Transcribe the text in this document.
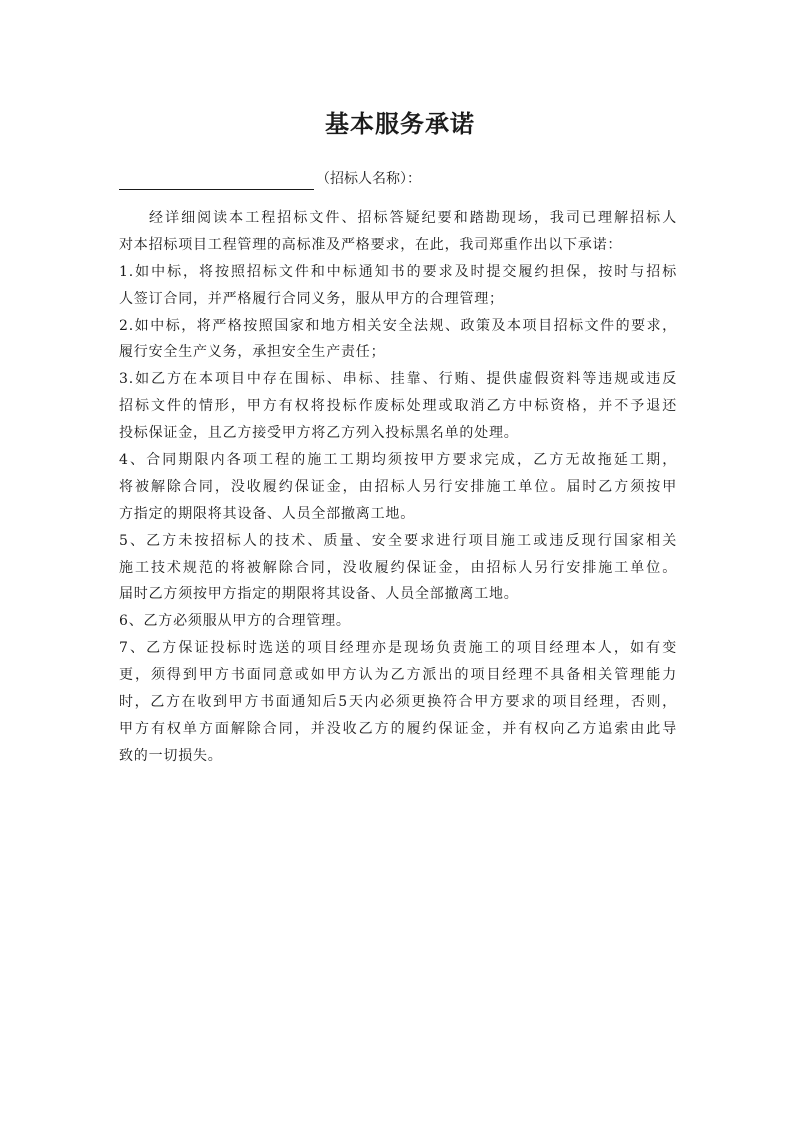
基本服务承诺
（招标人名称）：
经详细阅读本工程招标文件、招标答疑纪要和踏勘现场，我司已理解招标人
对本招标项目工程管理的高标准及严格要求，在此，我司郑重作出以下承诺：
1.如中标，将按照招标文件和中标通知书的要求及时提交履约担保，按时与招标
人签订合同，并严格履行合同义务，服从甲方的合理管理；
2.如中标，将严格按照国家和地方相关安全法规、政策及本项目招标文件的要求，
履行安全生产义务，承担安全生产责任；
3.如乙方在本项目中存在围标、串标、挂靠、行贿、提供虚假资料等违规或违反
招标文件的情形，甲方有权将投标作废标处理或取消乙方中标资格，并不予退还
投标保证金，且乙方接受甲方将乙方列入投标黑名单的处理。
4、合同期限内各项工程的施工工期均须按甲方要求完成，乙方无故拖延工期，
将被解除合同，没收履约保证金，由招标人另行安排施工单位。届时乙方须按甲
方指定的期限将其设备、人员全部撤离工地。
5、乙方未按招标人的技术、质量、安全要求进行项目施工或违反现行国家相关
施工技术规范的将被解除合同，没收履约保证金，由招标人另行安排施工单位。
届时乙方须按甲方指定的期限将其设备、人员全部撤离工地。
6、乙方必须服从甲方的合理管理。
7、乙方保证投标时选送的项目经理亦是现场负责施工的项目经理本人，如有变
更，须得到甲方书面同意或如甲方认为乙方派出的项目经理不具备相关管理能力
时，乙方在收到甲方书面通知后5天内必须更换符合甲方要求的项目经理，否则，
甲方有权单方面解除合同，并没收乙方的履约保证金，并有权向乙方追索由此导
致的一切损失。
